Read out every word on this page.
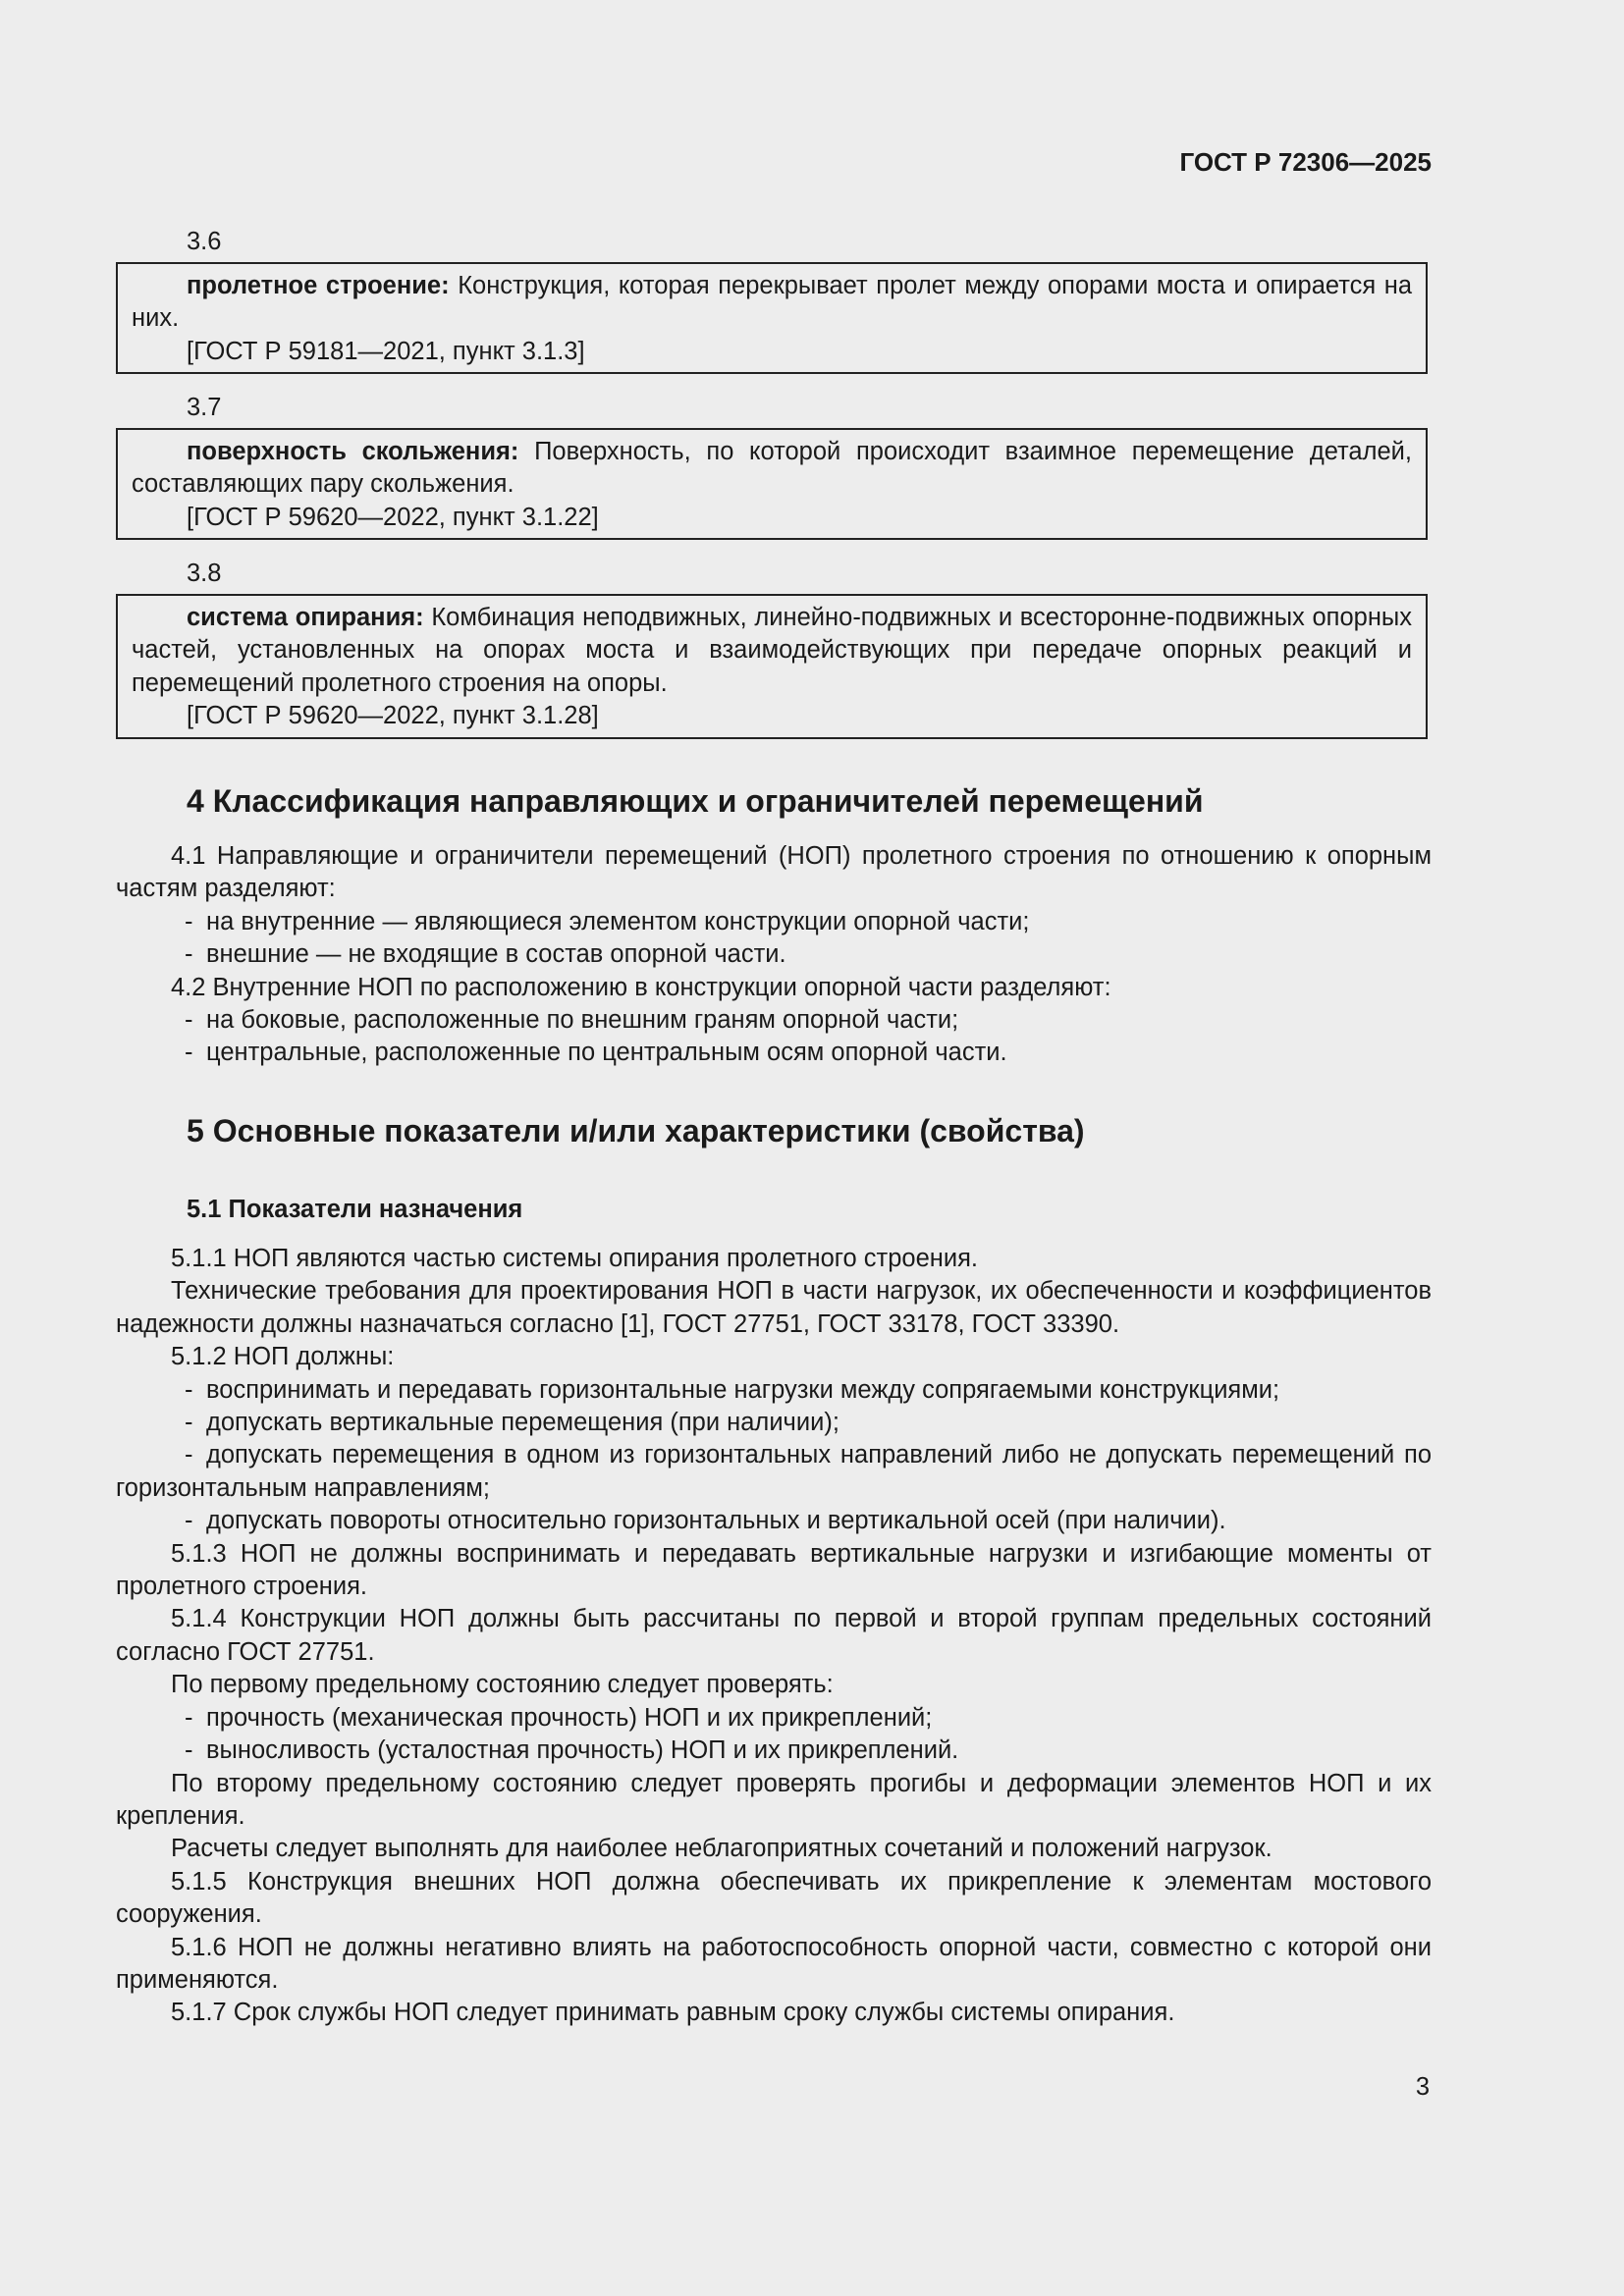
ГОСТ Р 72306—2025
3.6

пролетное строение: Конструкция, которая перекрывает пролет между опорами моста и опирается на них.

[ГОСТ Р 59181—2021, пункт 3.1.3]

3.7

поверхность скольжения: Поверхность, по которой происходит взаимное перемещение деталей, составляющих пару скольжения.

[ГОСТ Р 59620—2022, пункт 3.1.22]

3.8

система опирания: Комбинация неподвижных, линейно-подвижных и всесторонне-подвижных опорных частей, установленных на опорах моста и взаимодействующих при передаче опорных реакций и перемещений пролетного строения на опоры.

[ГОСТ Р 59620—2022, пункт 3.1.28]

4 Классификация направляющих и ограничителей перемещений

4.1 Направляющие и ограничители перемещений (НОП) пролетного строения по отношению к опорным частям разделяют:

- на внутренние — являющиеся элементом конструкции опорной части;

- внешние — не входящие в состав опорной части.

4.2 Внутренние НОП по расположению в конструкции опорной части разделяют:

- на боковые, расположенные по внешним граням опорной части;

- центральные, расположенные по центральным осям опорной части.

5 Основные показатели и/или характеристики (свойства)
5.1 Показатели назначения

5.1.1 НОП являются частью системы опирания пролетного строения.

Технические требования для проектирования НОП в части нагрузок, их обеспеченности и коэффициентов надежности должны назначаться согласно [1], ГОСТ 27751, ГОСТ 33178, ГОСТ 33390.

5.1.2 НОП должны:

- воспринимать и передавать горизонтальные нагрузки между сопрягаемыми конструкциями;

- допускать вертикальные перемещения (при наличии);

- допускать перемещения в одном из горизонтальных направлений либо не допускать перемещений по горизонтальным направлениям;

- допускать повороты относительно горизонтальных и вертикальной осей (при наличии).

5.1.3 НОП не должны воспринимать и передавать вертикальные нагрузки и изгибающие моменты от пролетного строения.

5.1.4 Конструкции НОП должны быть рассчитаны по первой и второй группам предельных состояний согласно ГОСТ 27751.

По первому предельному состоянию следует проверять:

- прочность (механическая прочность) НОП и их прикреплений;

- выносливость (усталостная прочность) НОП и их прикреплений.

По второму предельному состоянию следует проверять прогибы и деформации элементов НОП и их крепления.

Расчеты следует выполнять для наиболее неблагоприятных сочетаний и положений нагрузок.

5.1.5 Конструкция внешних НОП должна обеспечивать их прикрепление к элементам мостового сооружения.

5.1.6 НОП не должны негативно влиять на работоспособность опорной части, совместно с которой они применяются.

5.1.7 Срок службы НОП следует принимать равным сроку службы системы опирания.

3
